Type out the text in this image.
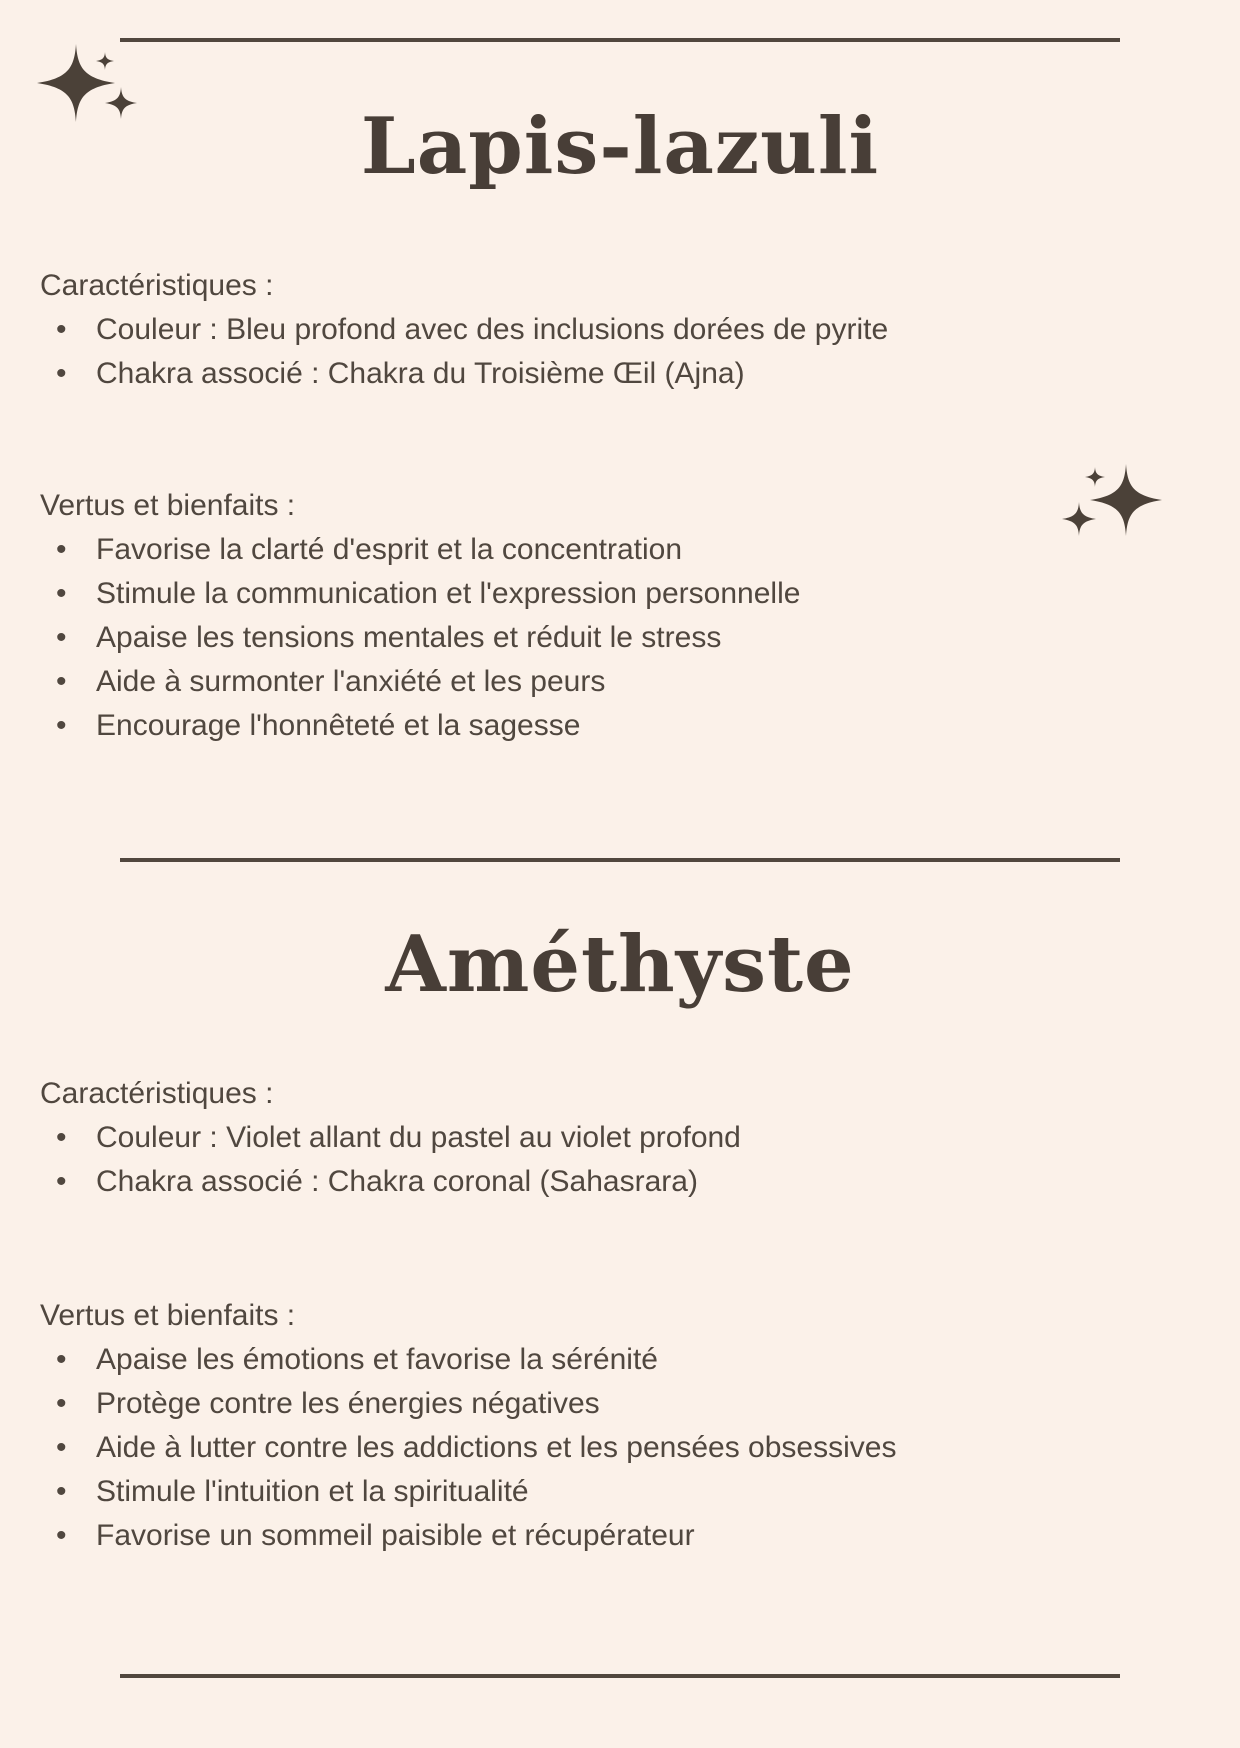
Lapis-lazuli
Caractéristiques :
• Couleur : Bleu profond avec des inclusions dorées de pyrite
• Chakra associé : Chakra du Troisième Œil (Ajna)
Vertus et bienfaits :
• Favorise la clarté d'esprit et la concentration
• Stimule la communication et l'expression personnelle
• Apaise les tensions mentales et réduit le stress
• Aide à surmonter l'anxiété et les peurs
• Encourage l'honnêteté et la sagesse
Améthyste
Caractéristiques :
• Couleur : Violet allant du pastel au violet profond
• Chakra associé : Chakra coronal (Sahasrara)
Vertus et bienfaits :
• Apaise les émotions et favorise la sérénité
• Protège contre les énergies négatives
• Aide à lutter contre les addictions et les pensées obsessives
• Stimule l'intuition et la spiritualité
• Favorise un sommeil paisible et récupérateur
